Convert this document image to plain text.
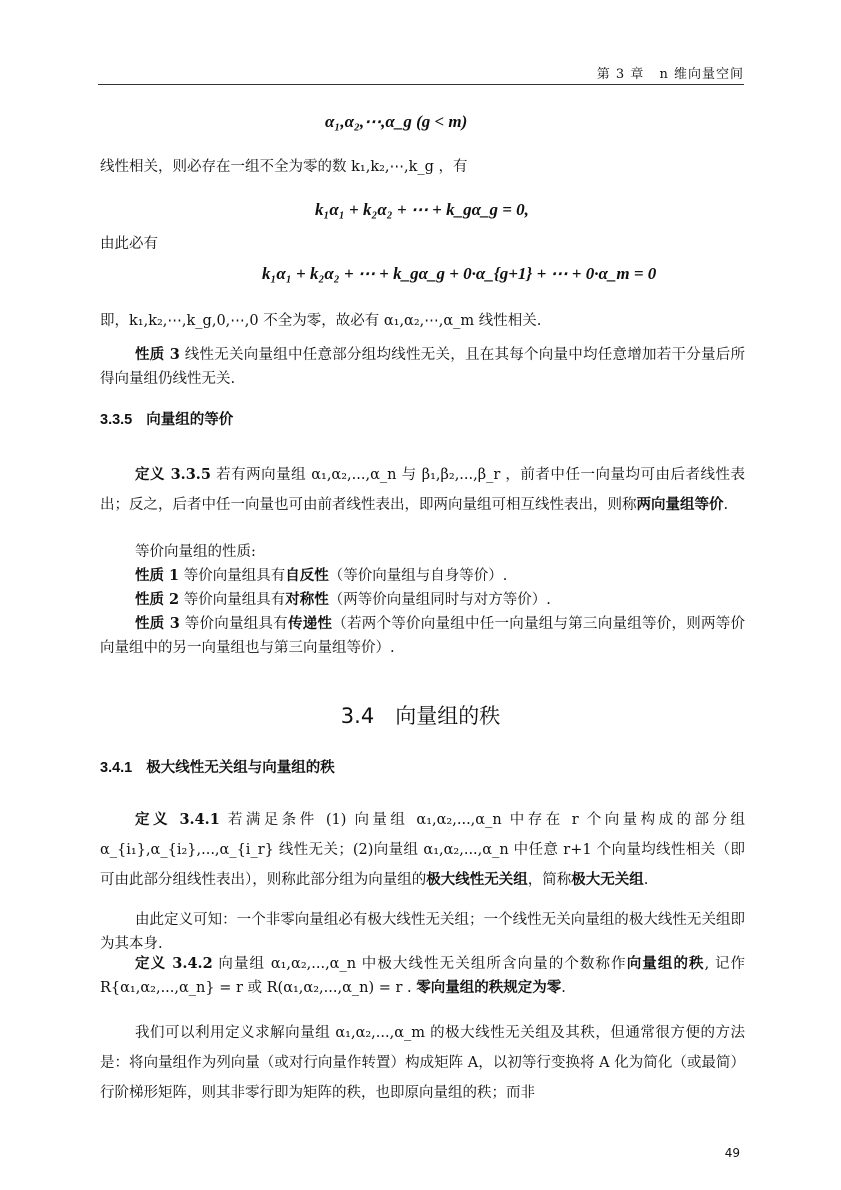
第 3 章 n 维向量空间
α₁,α₂,⋯,α_g (g < m)
线性相关，则必存在一组不全为零的数 k₁,k₂,⋯,k_g ，有
k₁α₁ + k₂α₂ + ⋯ + k_gα_g = 0,
由此必有
k₁α₁ + k₂α₂ + ⋯ + k_gα_g + 0·α_{g+1} + ⋯ + 0·α_m = 0
即，k₁,k₂,⋯,k_g,0,⋯,0 不全为零，故必有 α₁,α₂,⋯,α_m 线性相关.
性质 3 线性无关向量组中任意部分组均线性无关，且在其每个向量中均任意增加若干分量后所得向量组仍线性无关.
3.3.5 向量组的等价
定义 3.3.5 若有两向量组 α₁,α₂,...,α_n 与 β₁,β₂,...,β_r ，前者中任一向量均可由后者线性表出；反之，后者中任一向量也可由前者线性表出，即两向量组可相互线性表出，则称两向量组等价.
等价向量组的性质:
性质 1 等价向量组具有自反性（等价向量组与自身等价）.
性质 2 等价向量组具有对称性（两等价向量组同时与对方等价）.
性质 3 等价向量组具有传递性（若两个等价向量组中任一向量组与第三向量组等价，则两等价向量组中的另一向量组也与第三向量组等价）.
3.4　向量组的秩
3.4.1 极大线性无关组与向量组的秩
定义 3.4.1 若满足条件 (1) 向量组 α₁,α₂,...,α_n 中存在 r 个向量构成的部分组 α_{i₁},α_{i₂},...,α_{i_r} 线性无关；(2)向量组 α₁,α₂,...,α_n 中任意 r+1 个向量均线性相关（即可由此部分组线性表出），则称此部分组为向量组的极大线性无关组，简称极大无关组.
由此定义可知：一个非零向量组必有极大线性无关组；一个线性无关向量组的极大线性无关组即为其本身.
定义 3.4.2 向量组 α₁,α₂,...,α_n 中极大线性无关组所含向量的个数称作向量组的秩, 记作 R{α₁,α₂,...,α_n} = r 或 R(α₁,α₂,...,α_n) = r . 零向量组的秩规定为零.
我们可以利用定义求解向量组 α₁,α₂,...,α_m 的极大线性无关组及其秩，但通常很方便的方法是：将向量组作为列向量（或对行向量作转置）构成矩阵 A，以初等行变换将 A 化为简化（或最简）行阶梯形矩阵，则其非零行即为矩阵的秩，也即原向量组的秩；而非
49
